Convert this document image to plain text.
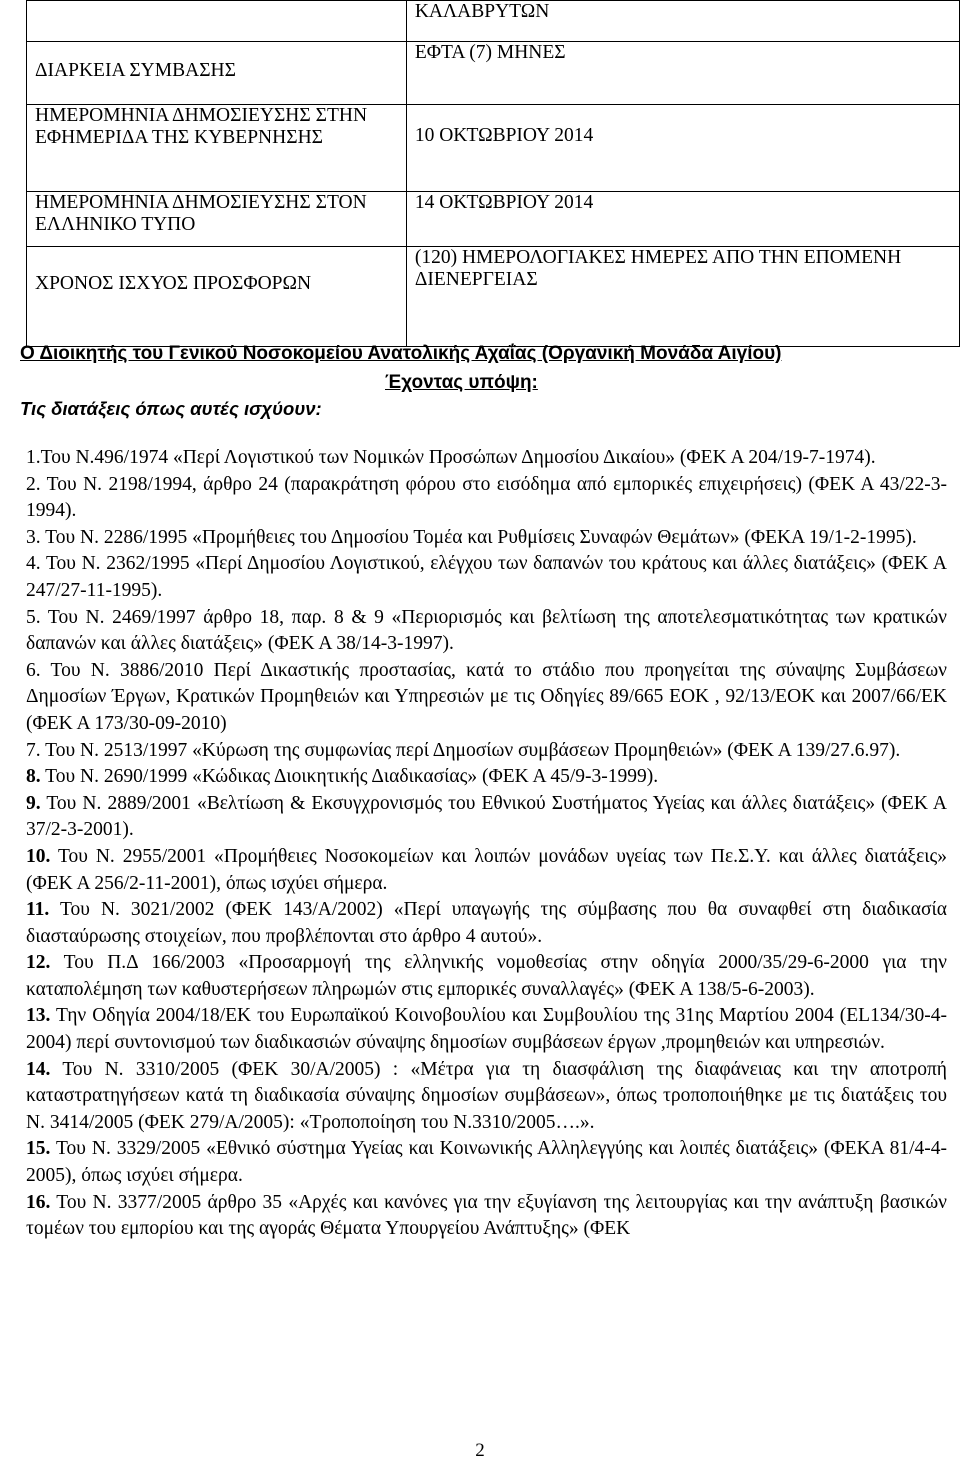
	ΚΑΛΑΒΡΥΤΩΝ
ΔΙΑΡΚΕΙΑ ΣΥΜΒΑΣΗΣ	ΕΦΤΑ (7) ΜΗΝΕΣ
ΗΜΕΡΟΜΗΝΙΑ ΔΗΜΟΣΙΕΥΣΗΣ ΣΤΗΝ ΕΦΗΜΕΡΙΔΑ ΤΗΣ ΚΥΒΕΡΝΗΣΗΣ	10 ΟΚΤΩΒΡΙΟΥ 2014
ΗΜΕΡΟΜΗΝΙΑ ΔΗΜΟΣΙΕΥΣΗΣ ΣΤΟΝ ΕΛΛΗΝΙΚΟ ΤΥΠΟ	14 ΟΚΤΩΒΡΙΟΥ 2014
ΧΡΟΝΟΣ ΙΣΧΥΟΣ ΠΡΟΣΦΟΡΩΝ	(120) ΗΜΕΡΟΛΟΓΙΑΚΕΣ ΗΜΕΡΕΣ ΑΠΟ ΤΗΝ ΕΠΟΜΕΝΗ ΔΙΕΝΕΡΓΕΙΑΣ
Ο Διοικητής του Γενικού Νοσοκομείου Ανατολικής Αχαΐας (Οργανική Μονάδα Αιγίου)
Έχοντας υπόψη:
Τις διατάξεις όπως αυτές ισχύουν:

1.Του Ν.496/1974 «Περί Λογιστικού των Νομικών Προσώπων Δημοσίου Δικαίου» (ΦΕΚ Α 204/19-7-1974).

2. Του Ν. 2198/1994, άρθρο 24 (παρακράτηση φόρου στο εισόδημα από εμπορικές επιχειρήσεις) (ΦΕΚ Α 43/22-3-1994).

3. Του Ν. 2286/1995 «Προμήθειες του Δημοσίου Τομέα και Ρυθμίσεις Συναφών Θεμάτων» (ΦΕΚΑ 19/1-2-1995).

4. Του Ν. 2362/1995 «Περί Δημοσίου Λογιστικού, ελέγχου των δαπανών του κράτους και άλλες διατάξεις» (ΦΕΚ Α 247/27-11-1995).

5. Του Ν. 2469/1997 άρθρο 18, παρ. 8 & 9 «Περιορισμός και βελτίωση της αποτελεσματικότητας των κρατικών δαπανών και άλλες διατάξεις» (ΦΕΚ Α 38/14-3-1997).

6. Του Ν. 3886/2010 Περί Δικαστικής προστασίας, κατά το στάδιο που προηγείται της σύναψης Συμβάσεων Δημοσίων Έργων, Κρατικών Προμηθειών και Υπηρεσιών με τις Οδηγίες 89/665 ΕΟΚ , 92/13/ΕΟΚ και 2007/66/ΕΚ (ΦΕΚ Α 173/30-09-2010)

7. Του Ν. 2513/1997 «Κύρωση της συμφωνίας περί Δημοσίων συμβάσεων Προμηθειών» (ΦΕΚ Α 139/27.6.97).

8. Του Ν. 2690/1999 «Κώδικας Διοικητικής Διαδικασίας» (ΦΕΚ Α 45/9-3-1999).

9. Του Ν. 2889/2001 «Βελτίωση & Εκσυγχρονισμός του Εθνικού Συστήματος Υγείας και άλλες διατάξεις» (ΦΕΚ Α 37/2-3-2001).

10. Του Ν. 2955/2001 «Προμήθειες Νοσοκομείων και λοιπών μονάδων υγείας των Πε.Σ.Υ. και άλλες διατάξεις» (ΦΕΚ Α 256/2-11-2001), όπως ισχύει σήμερα.

11. Του Ν. 3021/2002 (ΦΕΚ 143/Α/2002) «Περί υπαγωγής της σύμβασης που θα συναφθεί στη διαδικασία διασταύρωσης στοιχείων, που προβλέπονται στο άρθρο 4 αυτού».

12. Του Π.Δ 166/2003 «Προσαρμογή της ελληνικής νομοθεσίας στην οδηγία 2000/35/29-6-2000 για την καταπολέμηση των καθυστερήσεων πληρωμών στις εμπορικές συναλλαγές» (ΦΕΚ Α 138/5-6-2003).

13. Την Οδηγία 2004/18/ΕΚ του Ευρωπαϊκού Κοινοβουλίου και Συμβουλίου της 31ης Μαρτίου 2004 (EL134/30-4-2004) περί συντονισμού των διαδικασιών σύναψης δημοσίων συμβάσεων έργων ,προμηθειών και υπηρεσιών.

14. Του Ν. 3310/2005 (ΦΕΚ 30/Α/2005) : «Μέτρα για τη διασφάλιση της διαφάνειας και την αποτροπή καταστρατηγήσεων κατά τη διαδικασία σύναψης δημοσίων συμβάσεων», όπως τροποποιήθηκε με τις διατάξεις του Ν. 3414/2005 (ΦΕΚ 279/Α/2005): «Τροποποίηση του Ν.3310/2005….».

15. Του Ν. 3329/2005 «Εθνικό σύστημα Υγείας και Κοινωνικής Αλληλεγγύης και λοιπές διατάξεις» (ΦΕΚΑ 81/4-4-2005), όπως ισχύει σήμερα.

16. Του Ν. 3377/2005 άρθρο 35 «Αρχές και κανόνες για την εξυγίανση της λειτουργίας και την ανάπτυξη βασικών τομέων του εμπορίου και της αγοράς Θέματα Υπουργείου Ανάπτυξης» (ΦΕΚ

2
